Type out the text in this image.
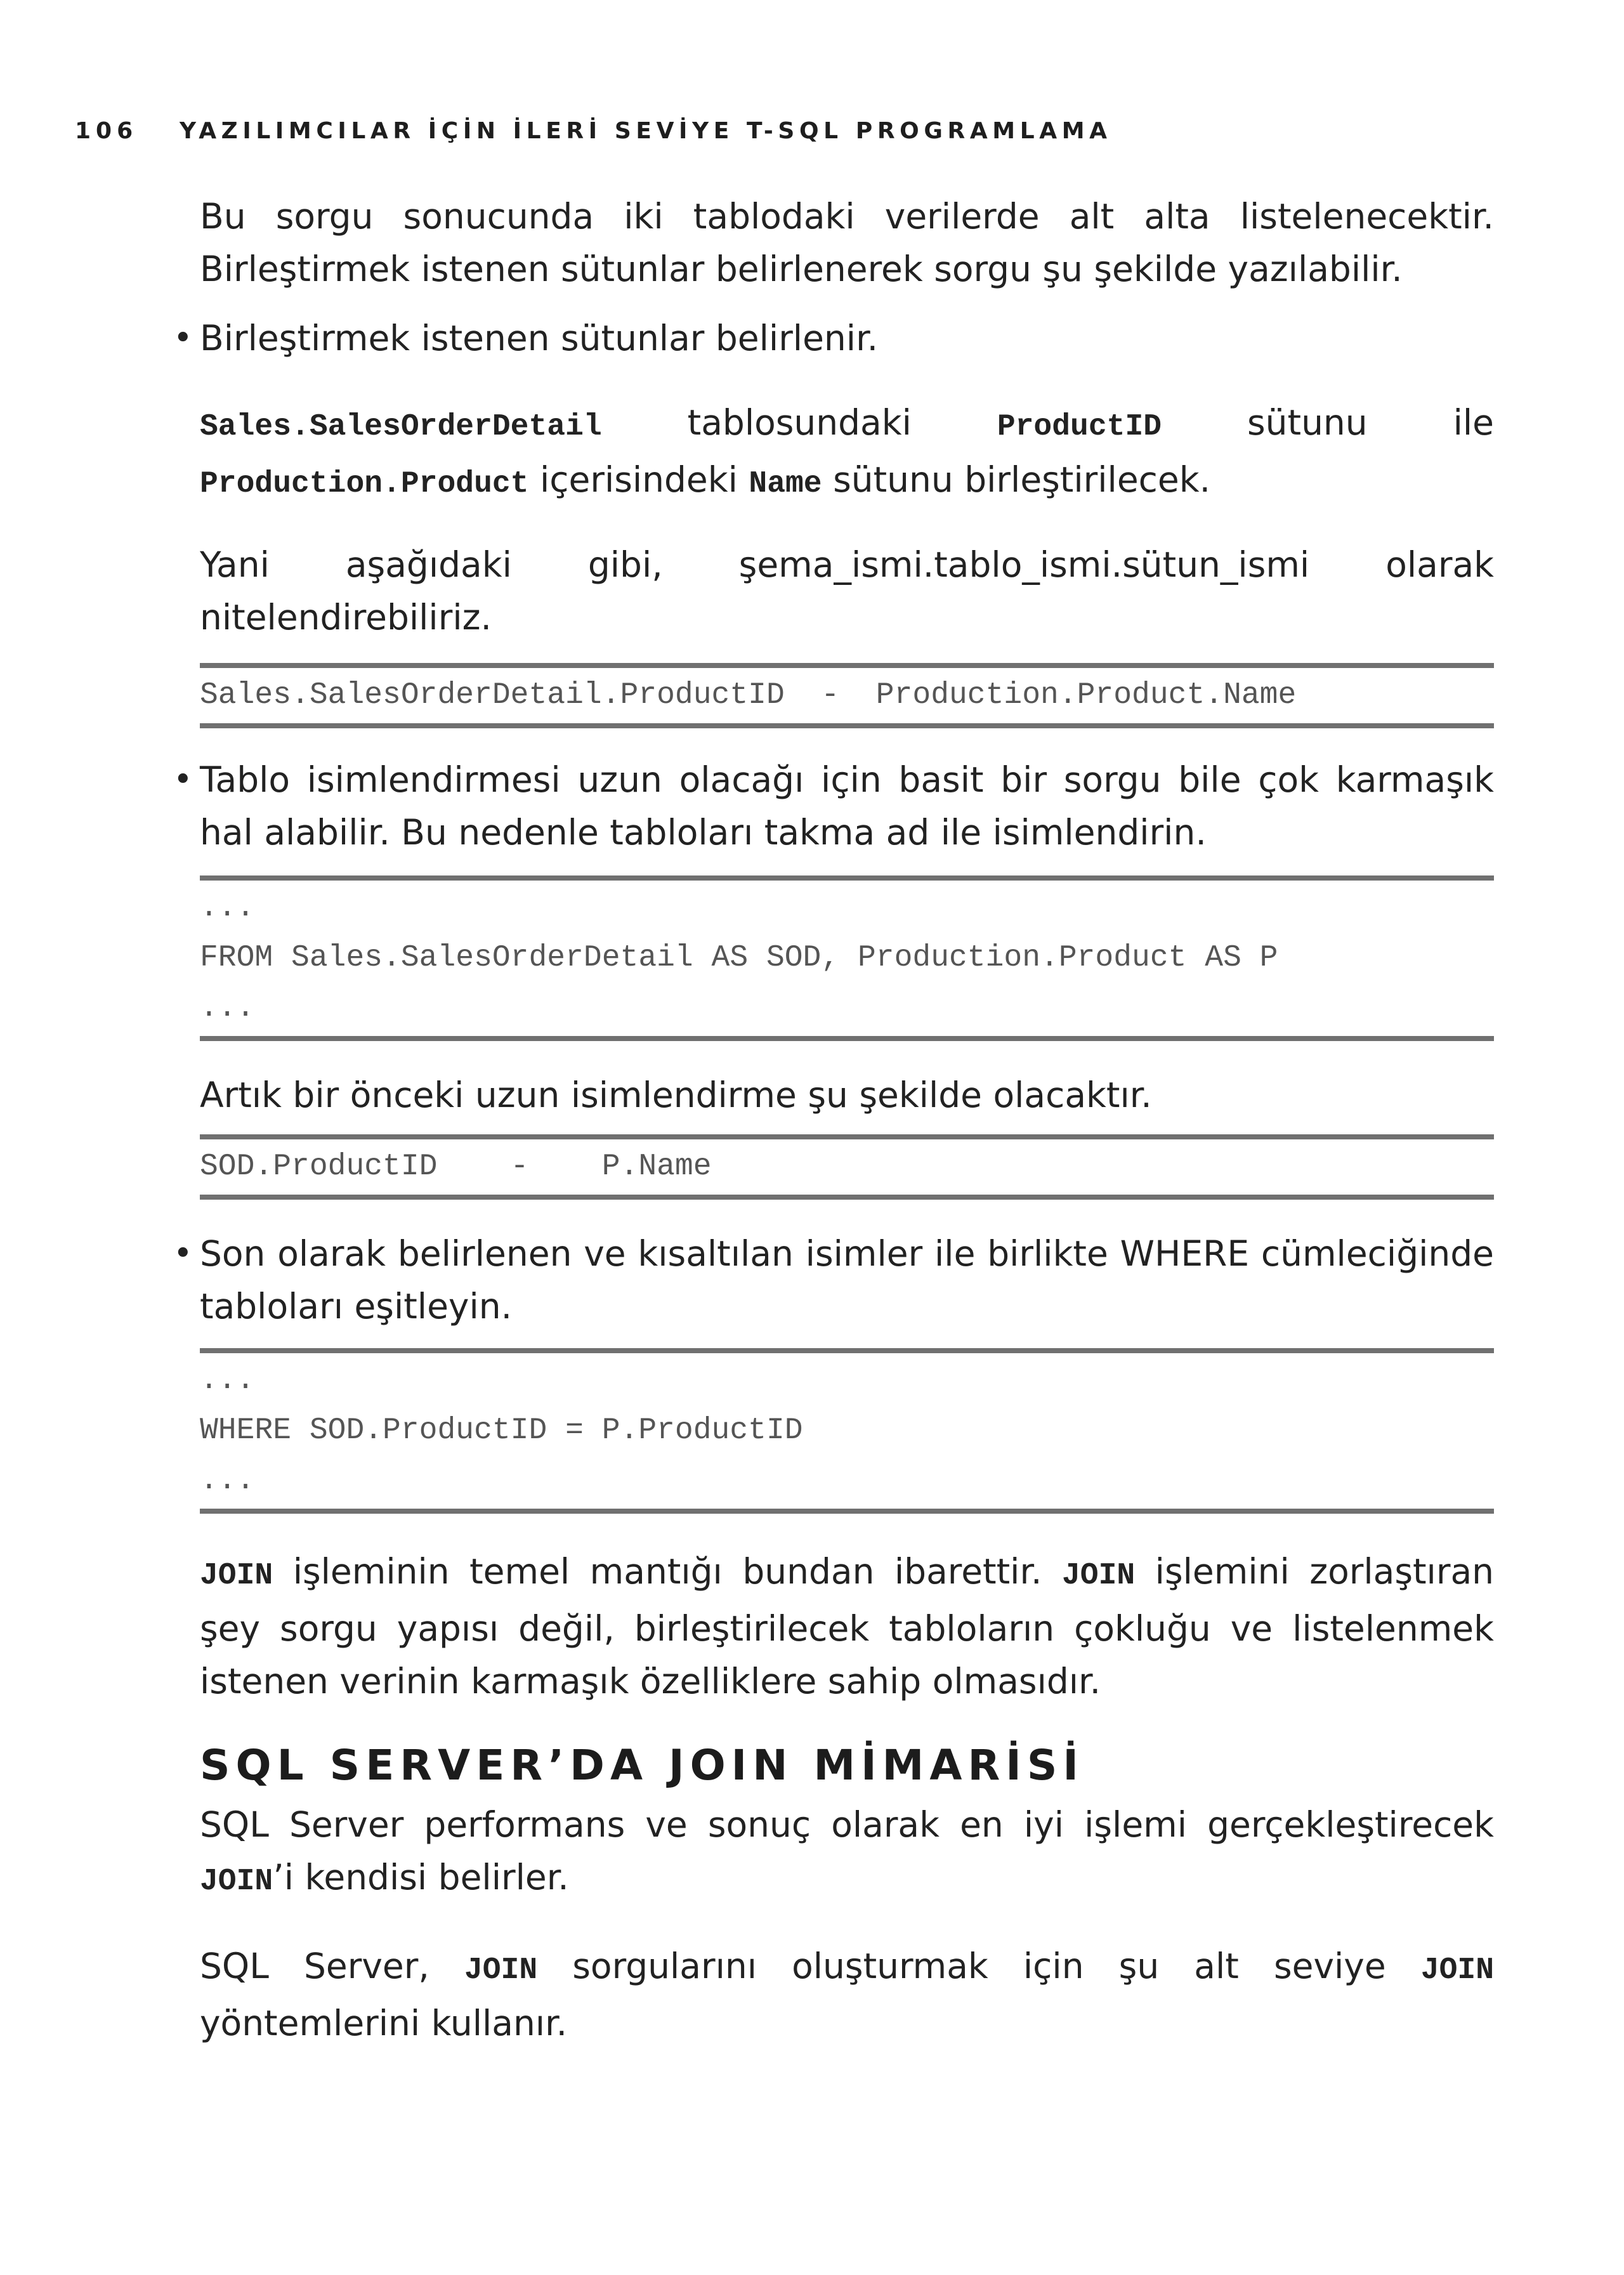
106 YAZILIMCILAR İÇİN İLERİ SEVİYE T-SQL PROGRAMLAMA

Bu sorgu sonucunda iki tablodaki verilerde alt alta listelenecektir. Birleştirmek istenen sütunlar belirlenerek sorgu şu şekilde yazılabilir.

• Birleştirmek istenen sütunlar belirlenir.

Sales.SalesOrderDetail tablosundaki ProductID sütunu ile Production.Product içerisindeki Name sütunu birleştirilecek.

Yani aşağıdaki gibi, şema_ismi.tablo_ismi.sütun_ismi olarak nitelendirebiliriz.

Sales.SalesOrderDetail.ProductID  -  Production.Product.Name

• Tablo isimlendirmesi uzun olacağı için basit bir sorgu bile çok karmaşık hal alabilir. Bu nedenle tabloları takma ad ile isimlendirin.

...
FROM Sales.SalesOrderDetail AS SOD, Production.Product AS P
...

Artık bir önceki uzun isimlendirme şu şekilde olacaktır.

SOD.ProductID    -    P.Name

• Son olarak belirlenen ve kısaltılan isimler ile birlikte WHERE cümleciğinde tabloları eşitleyin.

...
WHERE SOD.ProductID = P.ProductID
...

JOIN işleminin temel mantığı bundan ibarettir. JOIN işlemini zorlaştıran şey sorgu yapısı değil, birleştirilecek tabloların çokluğu ve listelenmek istenen verinin karmaşık özelliklere sahip olmasıdır.

SQL SERVER’DA JOIN MİMARİSİ

SQL Server performans ve sonuç olarak en iyi işlemi gerçekleştirecek JOIN’i kendisi belirler.

SQL Server, JOIN sorgularını oluşturmak için şu alt seviye JOIN yöntemlerini kullanır.
